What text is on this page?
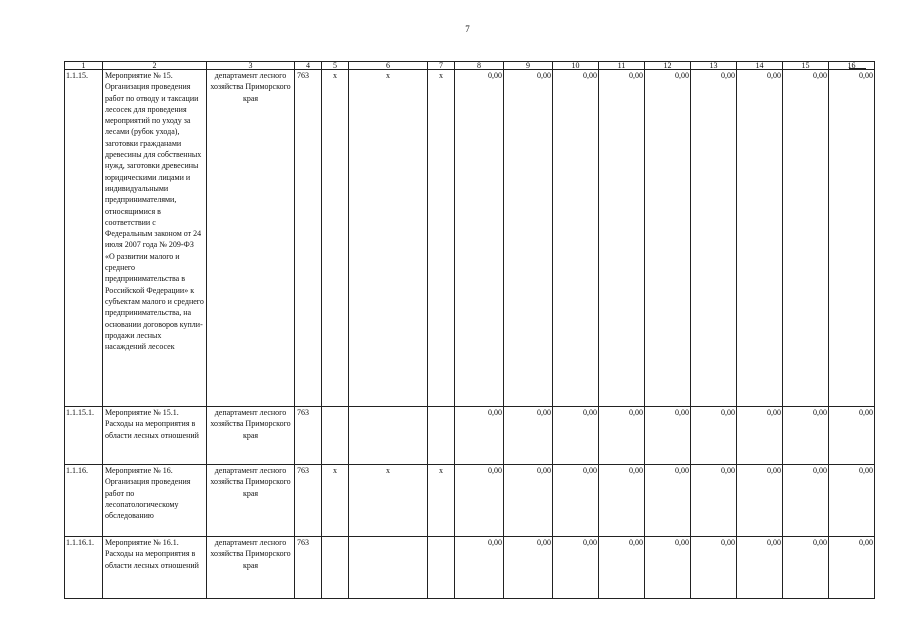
7
1	2	3	4	5	6	7	8	9	10	11	12	13	14	15	16
1.1.15.	Мероприятие № 15. Организация проведения работ по отводу и таксации лесосек для проведения мероприятий по уходу за лесами (рубок ухода), заготовки гражданами древесины для собственных нужд, заготовки древесины юридическими лицами и индивидуальными предпринимателями, относящимися в соответствии с Федеральным законом от 24 июля 2007 года № 209-ФЗ «О развитии малого и среднего предпринимательства в Российской Федерации» к субъектам малого и среднего предпринимательства, на основании договоров купли-продажи лесных насаждений лесосек	департамент лесного хозяйства Приморского края	763	х	х	х	0,00	0,00	0,00	0,00	0,00	0,00	0,00	0,00	0,00
1.1.15.1.	Мероприятие № 15.1. Расходы на мероприятия в области лесных отношений	департамент лесного хозяйства Приморского края	763				0,00	0,00	0,00	0,00	0,00	0,00	0,00	0,00	0,00
1.1.16.	Мероприятие № 16. Организация проведения работ по лесопатологическому обследованию	департамент лесного хозяйства Приморского края	763	х	х	х	0,00	0,00	0,00	0,00	0,00	0,00	0,00	0,00	0,00
1.1.16.1.	Мероприятие № 16.1. Расходы на мероприятия в области лесных отношений	департамент лесного хозяйства Приморского края	763				0,00	0,00	0,00	0,00	0,00	0,00	0,00	0,00	0,00
